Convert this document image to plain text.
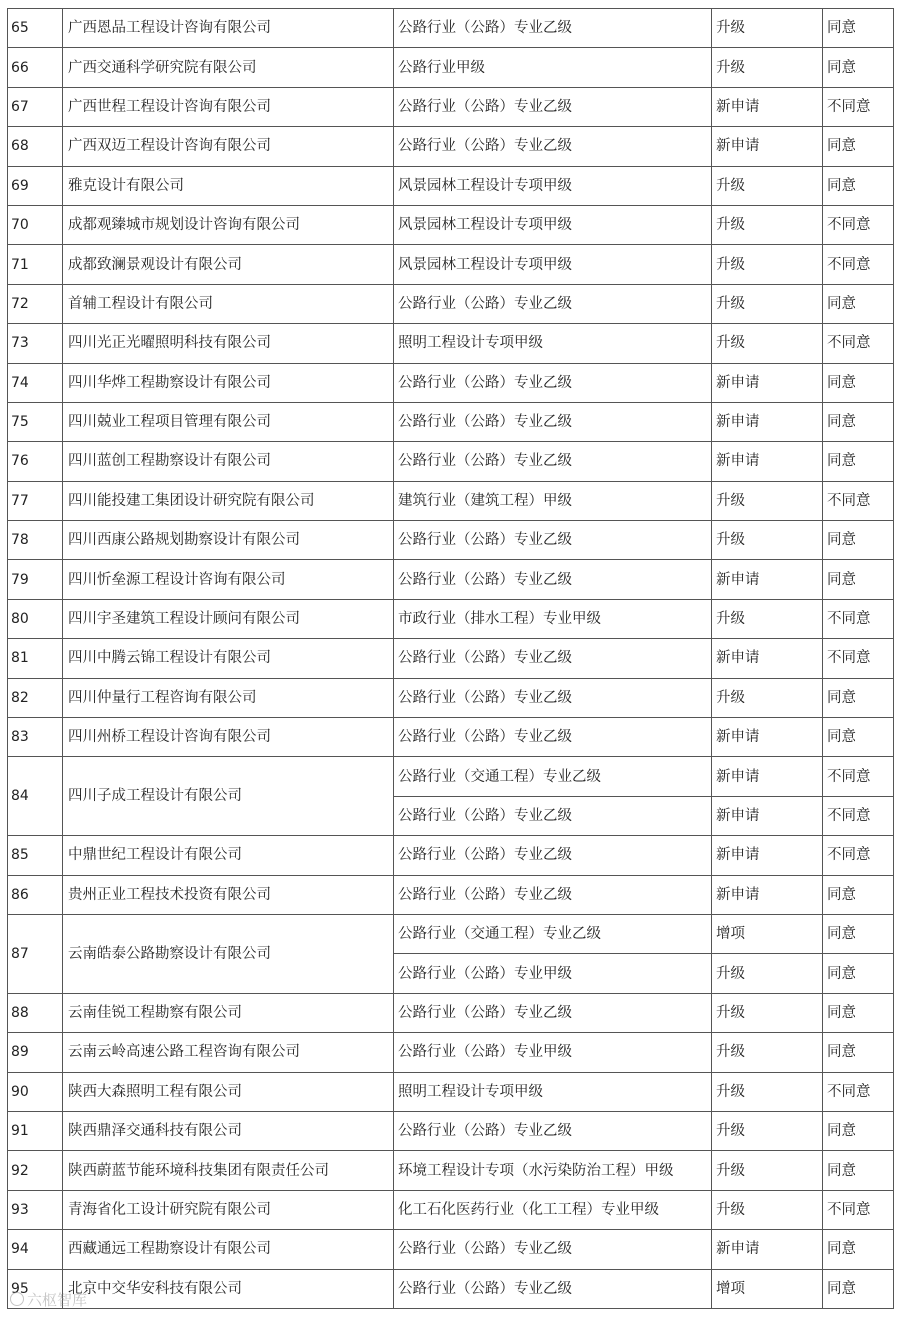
65	广西恩品工程设计咨询有限公司	公路行业（公路）专业乙级	升级	同意
66	广西交通科学研究院有限公司	公路行业甲级	升级	同意
67	广西世程工程设计咨询有限公司	公路行业（公路）专业乙级	新申请	不同意
68	广西双迈工程设计咨询有限公司	公路行业（公路）专业乙级	新申请	同意
69	雅克设计有限公司	风景园林工程设计专项甲级	升级	同意
70	成都观臻城市规划设计咨询有限公司	风景园林工程设计专项甲级	升级	不同意
71	成都致澜景观设计有限公司	风景园林工程设计专项甲级	升级	不同意
72	首辅工程设计有限公司	公路行业（公路）专业乙级	升级	同意
73	四川光正光曜照明科技有限公司	照明工程设计专项甲级	升级	不同意
74	四川华烨工程勘察设计有限公司	公路行业（公路）专业乙级	新申请	同意
75	四川兢业工程项目管理有限公司	公路行业（公路）专业乙级	新申请	同意
76	四川蓝创工程勘察设计有限公司	公路行业（公路）专业乙级	新申请	同意
77	四川能投建工集团设计研究院有限公司	建筑行业（建筑工程）甲级	升级	不同意
78	四川西康公路规划勘察设计有限公司	公路行业（公路）专业乙级	升级	同意
79	四川忻垒源工程设计咨询有限公司	公路行业（公路）专业乙级	新申请	同意
80	四川宇圣建筑工程设计顾问有限公司	市政行业（排水工程）专业甲级	升级	不同意
81	四川中腾云锦工程设计有限公司	公路行业（公路）专业乙级	新申请	不同意
82	四川仲量行工程咨询有限公司	公路行业（公路）专业乙级	升级	同意
83	四川州桥工程设计咨询有限公司	公路行业（公路）专业乙级	新申请	同意
84	四川子成工程设计有限公司	公路行业（交通工程）专业乙级	新申请	不同意
		公路行业（公路）专业乙级	新申请	不同意
85	中鼎世纪工程设计有限公司	公路行业（公路）专业乙级	新申请	不同意
86	贵州正业工程技术投资有限公司	公路行业（公路）专业乙级	新申请	同意
87	云南皓泰公路勘察设计有限公司	公路行业（交通工程）专业乙级	增项	同意
		公路行业（公路）专业甲级	升级	同意
88	云南佳锐工程勘察有限公司	公路行业（公路）专业乙级	升级	同意
89	云南云岭高速公路工程咨询有限公司	公路行业（公路）专业甲级	升级	同意
90	陕西大森照明工程有限公司	照明工程设计专项甲级	升级	不同意
91	陕西鼎泽交通科技有限公司	公路行业（公路）专业乙级	升级	同意
92	陕西蔚蓝节能环境科技集团有限责任公司	环境工程设计专项（水污染防治工程）甲级	升级	同意
93	青海省化工设计研究院有限公司	化工石化医药行业（化工工程）专业甲级	升级	不同意
94	西藏通远工程勘察设计有限公司	公路行业（公路）专业乙级	新申请	同意
95	北京中交华安科技有限公司	公路行业（公路）专业乙级	增项	同意
六枢智库
